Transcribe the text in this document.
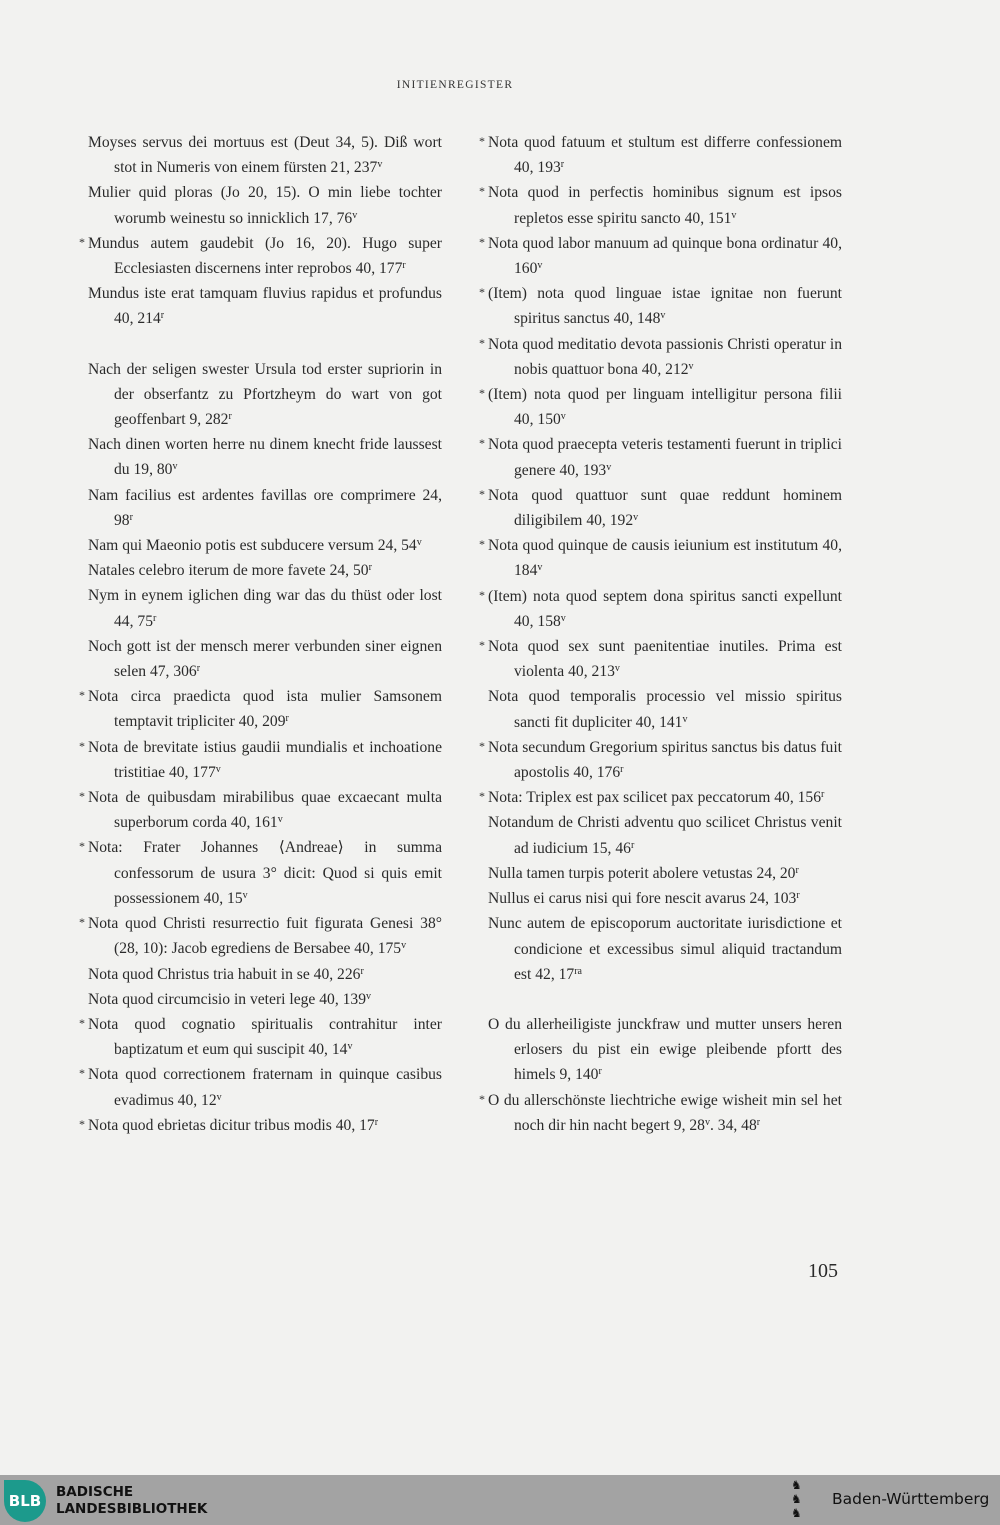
INITIENREGISTER
Moyses servus dei mortuus est (Deut 34, 5). Diß wort stot in Numeris von einem fürsten 21, 237$^v$
Mulier quid ploras (Jo 20, 15). O min liebe tochter worumb weinestu so innicklich 17, 76$^v$
* Mundus autem gaudebit (Jo 16, 20). Hugo super Ecclesiasten discernens inter reprobos 40, 177$^r$
Mundus iste erat tamquam fluvius rapidus et profundus 40, 214$^r$
Nach der seligen swester Ursula tod erster supriorin in der obserfantz zu Pfortzheym do wart von got geoffenbart 9, 282$^r$
Nach dinen worten herre nu dinem knecht fride laussest du 19, 80$^v$
Nam facilius est ardentes favillas ore comprimere 24, 98$^r$
Nam qui Maeonio potis est subducere versum 24, 54$^v$
Natales celebro iterum de more favete 24, 50$^r$
Nym in eynem iglichen ding war das du thüst oder lost 44, 75$^r$
Noch gott ist der mensch merer verbunden siner eignen selen 47, 306$^r$
* Nota circa praedicta quod ista mulier Samsonem temptavit tripliciter 40, 209$^r$
* Nota de brevitate istius gaudii mundialis et inchoatione tristitiae 40, 177$^v$
* Nota de quibusdam mirabilibus quae excaecant multa superborum corda 40, 161$^v$
* Nota: Frater Johannes ⟨Andreae⟩ in summa confessorum de usura 3° dicit: Quod si quis emit possessionem 40, 15$^v$
* Nota quod Christi resurrectio fuit figurata Genesi 38° (28, 10): Jacob egrediens de Bersabee 40, 175$^v$
Nota quod Christus tria habuit in se 40, 226$^r$
Nota quod circumcisio in veteri lege 40, 139$^v$
* Nota quod cognatio spiritualis contrahitur inter baptizatum et eum qui suscipit 40, 14$^v$
* Nota quod correctionem fraternam in quinque casibus evadimus 40, 12$^v$
* Nota quod ebrietas dicitur tribus modis 40, 17$^r$
* Nota quod fatuum et stultum est differre confessionem 40, 193$^r$
* Nota quod in perfectis hominibus signum est ipsos repletos esse spiritu sancto 40, 151$^v$
* Nota quod labor manuum ad quinque bona ordinatur 40, 160$^v$
* (Item) nota quod linguae istae ignitae non fuerunt spiritus sanctus 40, 148$^v$
* Nota quod meditatio devota passionis Christi operatur in nobis quattuor bona 40, 212$^v$
* (Item) nota quod per linguam intelligitur persona filii 40, 150$^v$
* Nota quod praecepta veteris testamenti fuerunt in triplici genere 40, 193$^v$
* Nota quod quattuor sunt quae reddunt hominem diligibilem 40, 192$^v$
* Nota quod quinque de causis ieiunium est institutum 40, 184$^v$
* (Item) nota quod septem dona spiritus sancti expellunt 40, 158$^v$
* Nota quod sex sunt paenitentiae inutiles. Prima est violenta 40, 213$^v$
Nota quod temporalis processio vel missio spiritus sancti fit dupliciter 40, 141$^v$
* Nota secundum Gregorium spiritus sanctus bis datus fuit apostolis 40, 176$^r$
* Nota: Triplex est pax scilicet pax peccatorum 40, 156$^r$
Notandum de Christi adventu quo scilicet Christus venit ad iudicium 15, 46$^r$
Nulla tamen turpis poterit abolere vetustas 24, 20$^r$
Nullus ei carus nisi qui fore nescit avarus 24, 103$^r$
Nunc autem de episcoporum auctoritate iurisdictione et condicione et excessibus simul aliquid tractandum est 42, $17^{ra}$
O du allerheiligiste junckfraw und mutter unsers heren erlosers du pist ein ewige pleibende pfortt des himels 9, 140$^r$
* O du allerschönste liechtriche ewige wisheit min sel het noch dir hin nacht begert 9, 28$^v$. 34, 48$^r$
105
BLB	BADISCHE
LANDESBIBLIOTHEK
♞
♞
♞
Baden-Württemberg
